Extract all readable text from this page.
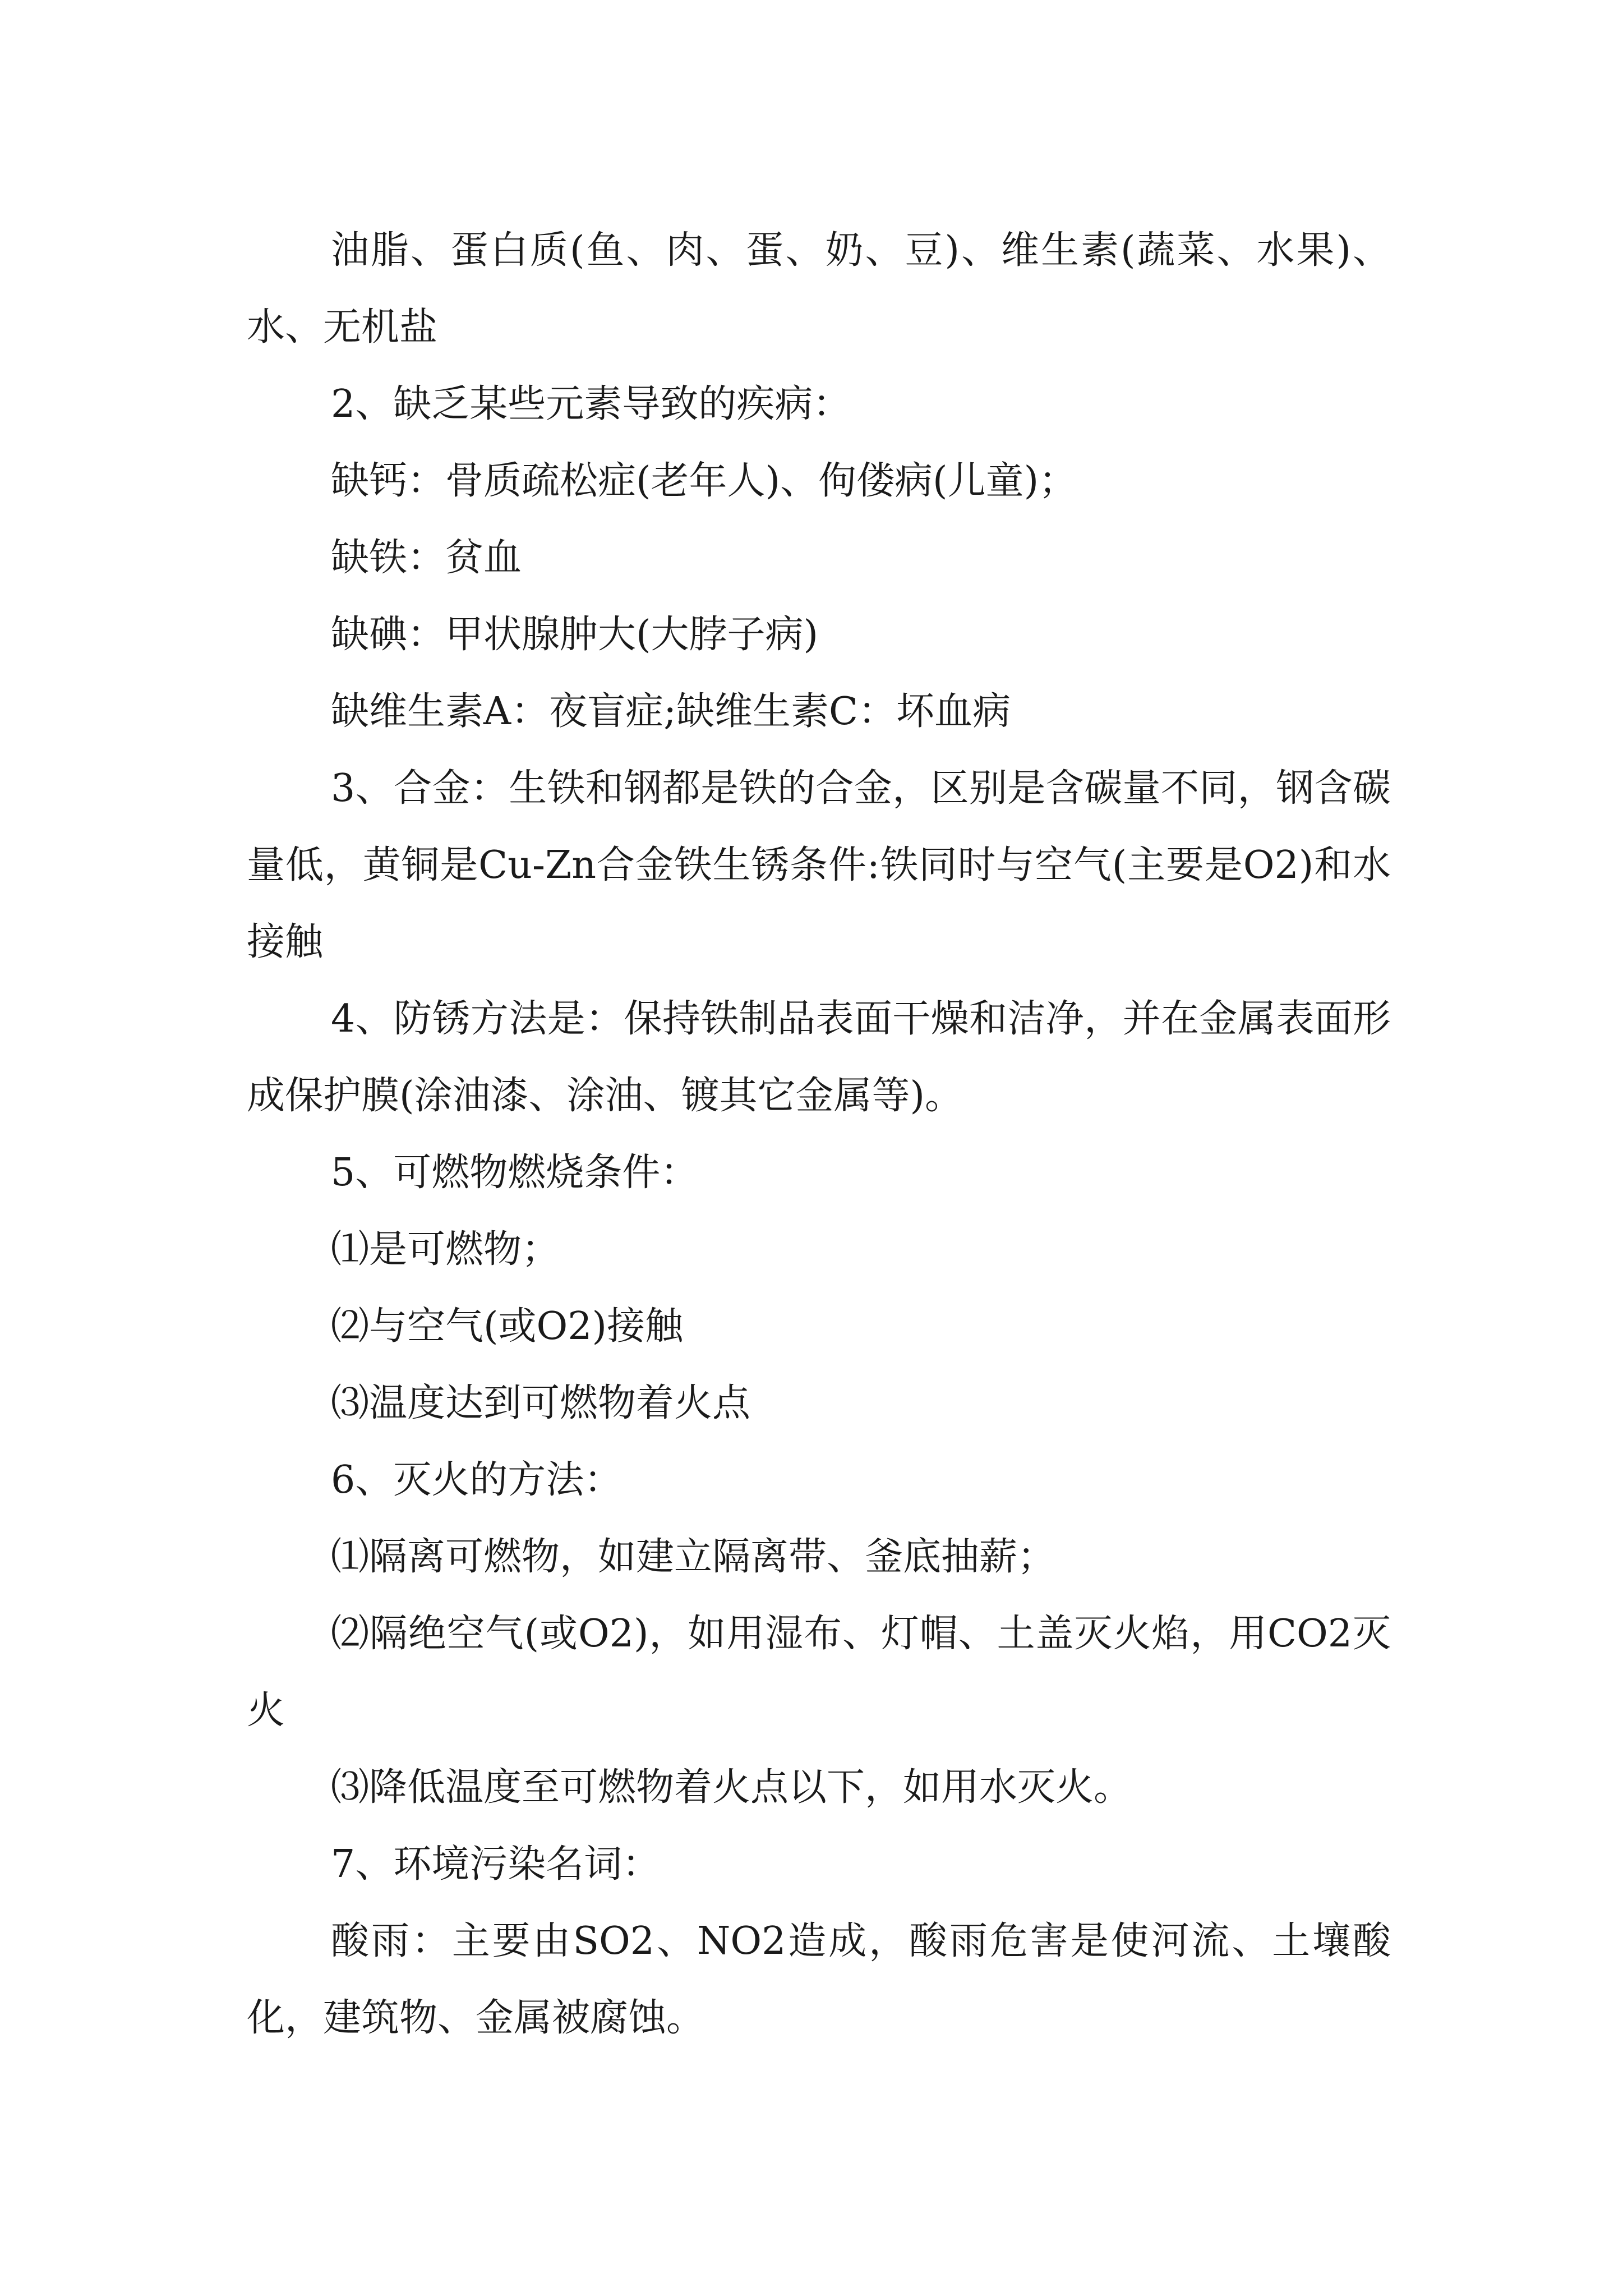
油脂、蛋白质(鱼、肉、蛋、奶、豆)、维生素(蔬菜、水果)、水、无机盐

2、缺乏某些元素导致的疾病：

缺钙：骨质疏松症(老年人)、佝偻病(儿童)；

缺铁：贫血

缺碘：甲状腺肿大(大脖子病)

缺维生素A：夜盲症;缺维生素C：坏血病

3、合金：生铁和钢都是铁的合金，区别是含碳量不同，钢含碳量低，黄铜是Cu-Zn合金铁生锈条件:铁同时与空气(主要是O2)和水接触

4、防锈方法是：保持铁制品表面干燥和洁净，并在金属表面形成保护膜(涂油漆、涂油、镀其它金属等)。

5、可燃物燃烧条件：

⑴是可燃物；

⑵与空气(或O2)接触

⑶温度达到可燃物着火点

6、灭火的方法：

⑴隔离可燃物，如建立隔离带、釜底抽薪；

⑵隔绝空气(或O2)，如用湿布、灯帽、土盖灭火焰，用CO2灭火

⑶降低温度至可燃物着火点以下，如用水灭火。

7、环境污染名词：

酸雨：主要由SO2、NO2造成，酸雨危害是使河流、土壤酸化，建筑物、金属被腐蚀。
